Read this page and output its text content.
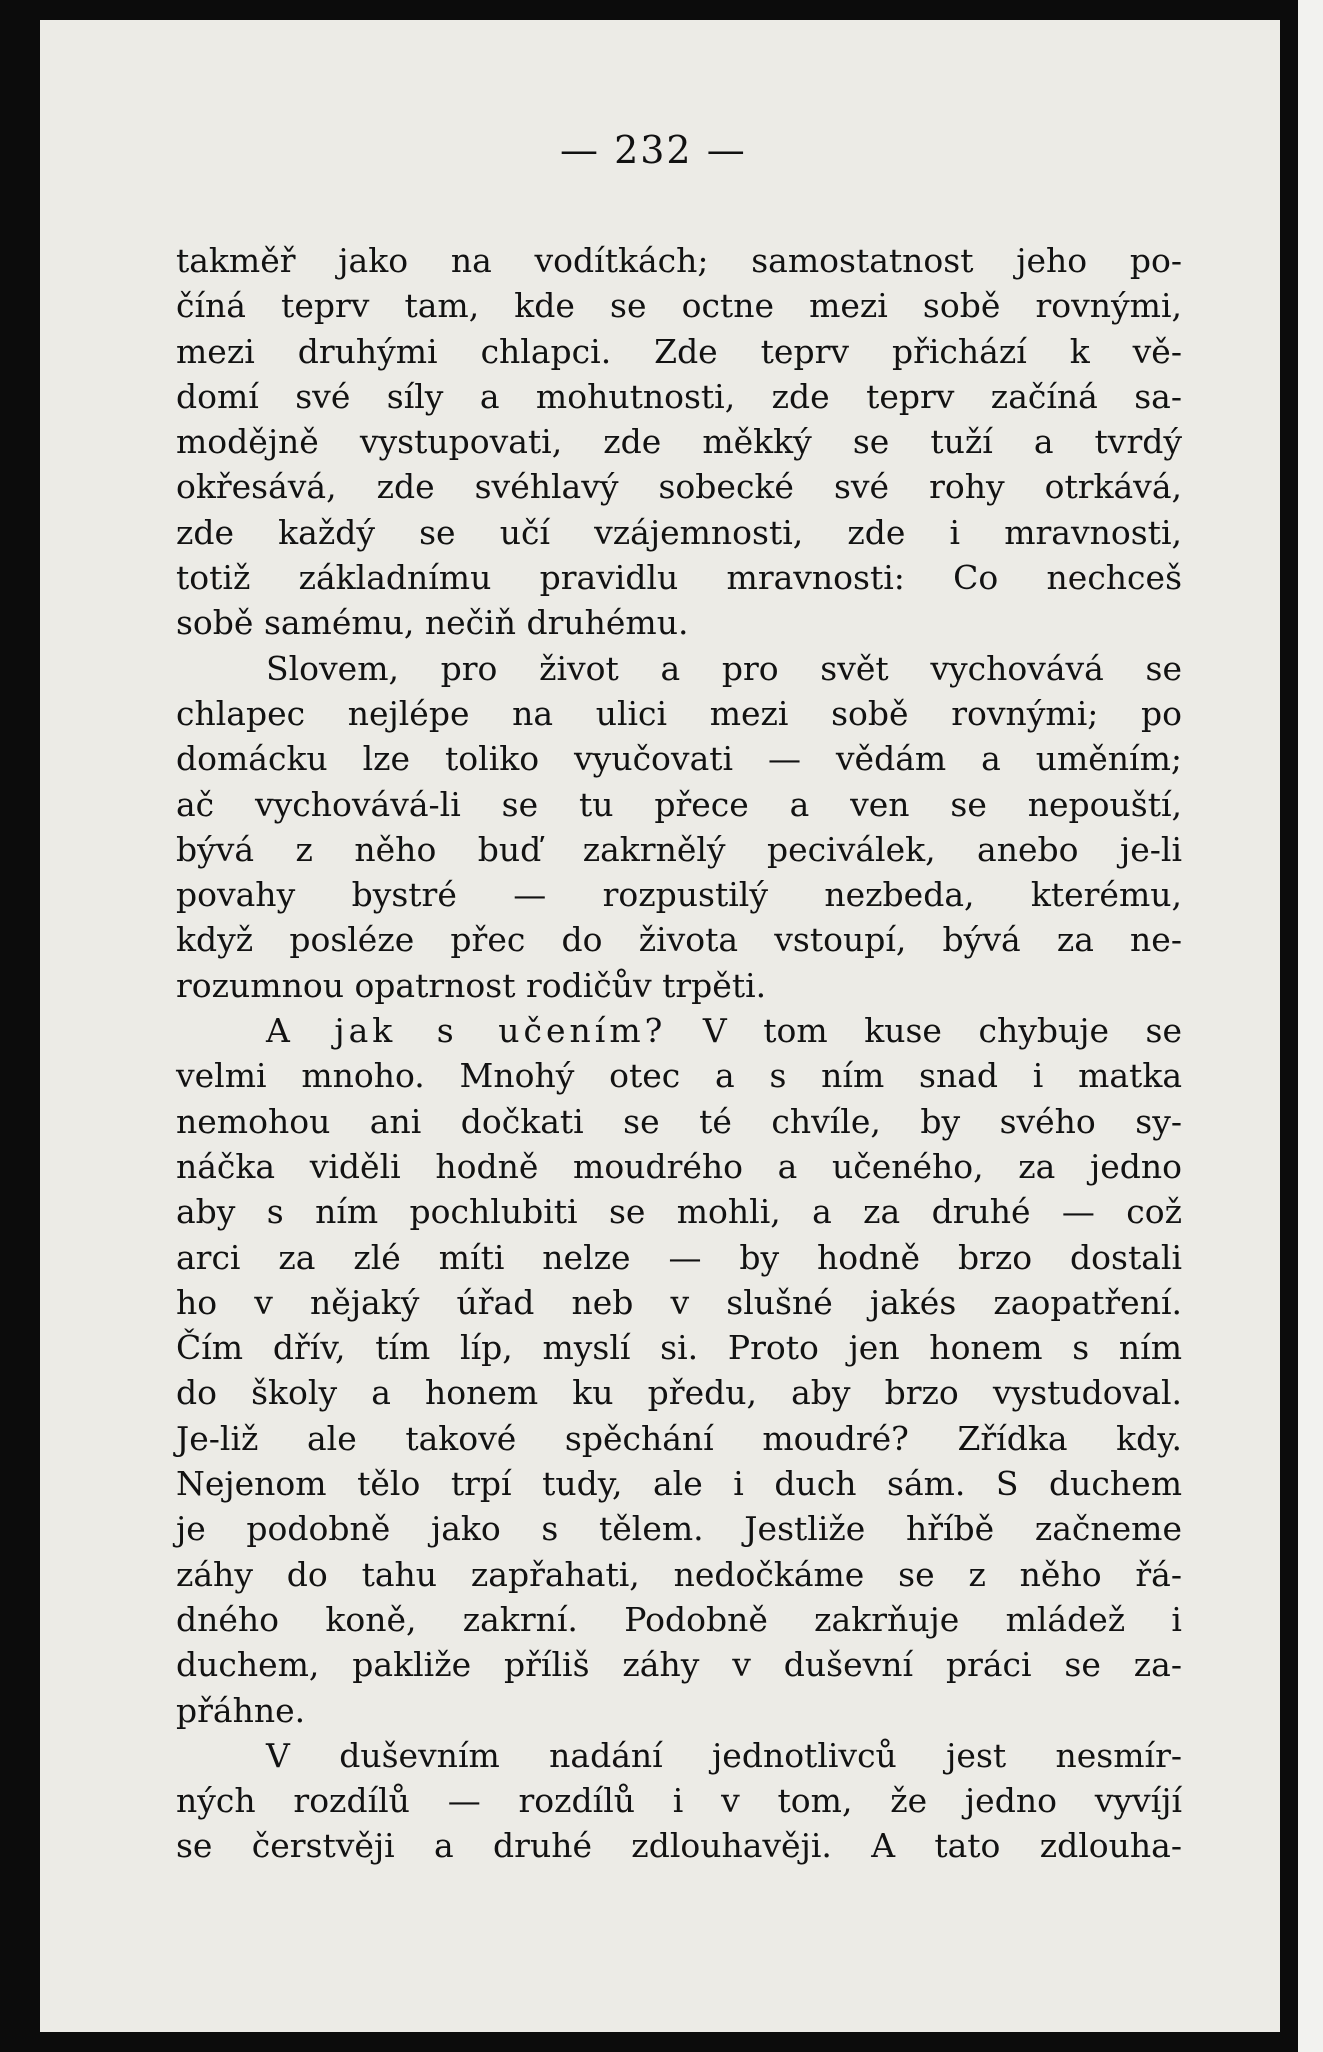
— 232 —
takměř jako na vodítkách; samostatnost jeho po-
číná teprv tam, kde se octne mezi sobě rovnými,
mezi druhými chlapci. Zde teprv přichází k vě-
domí své síly a mohutnosti, zde teprv začíná sa-
modějně vystupovati, zde měkký se tuží a tvrdý
okřesává, zde svéhlavý sobecké své rohy otrkává,
zde každý se učí vzájemnosti, zde i mravnosti,
totiž základnímu pravidlu mravnosti: Co nechceš
sobě samému, nečiň druhému.
Slovem, pro život a pro svět vychovává se
chlapec nejlépe na ulici mezi sobě rovnými; po
domácku lze toliko vyučovati — vědám a uměním;
ač vychovává-li se tu přece a ven se nepouští,
bývá z něho buď zakrnělý peciválek, anebo je-li
povahy bystré — rozpustilý nezbeda, kterému,
když posléze přec do života vstoupí, bývá za ne-
rozumnou opatrnost rodičův trpěti.
A jak s učením? V tom kuse chybuje se
velmi mnoho. Mnohý otec a s ním snad i matka
nemohou ani dočkati se té chvíle, by svého sy-
náčka viděli hodně moudrého a učeného, za jedno
aby s ním pochlubiti se mohli, a za druhé — což
arci za zlé míti nelze — by hodně brzo dostali
ho v nějaký úřad neb v slušné jakés zaopatření.
Čím dřív, tím líp, myslí si. Proto jen honem s ním
do školy a honem ku předu, aby brzo vystudoval.
Je-liž ale takové spěchání moudré? Zřídka kdy.
Nejenom tělo trpí tudy, ale i duch sám. S duchem
je podobně jako s tělem. Jestliže hříbě začneme
záhy do tahu zapřahati, nedočkáme se z něho řá-
dného koně, zakrní. Podobně zakrňuje mládež i
duchem, pakliže příliš záhy v duševní práci se za-
přáhne.
V duševním nadání jednotlivců jest nesmír-
ných rozdílů — rozdílů i v tom, že jedno vyvíjí
se čerstvěji a druhé zdlouhavěji. A tato zdlouha-
